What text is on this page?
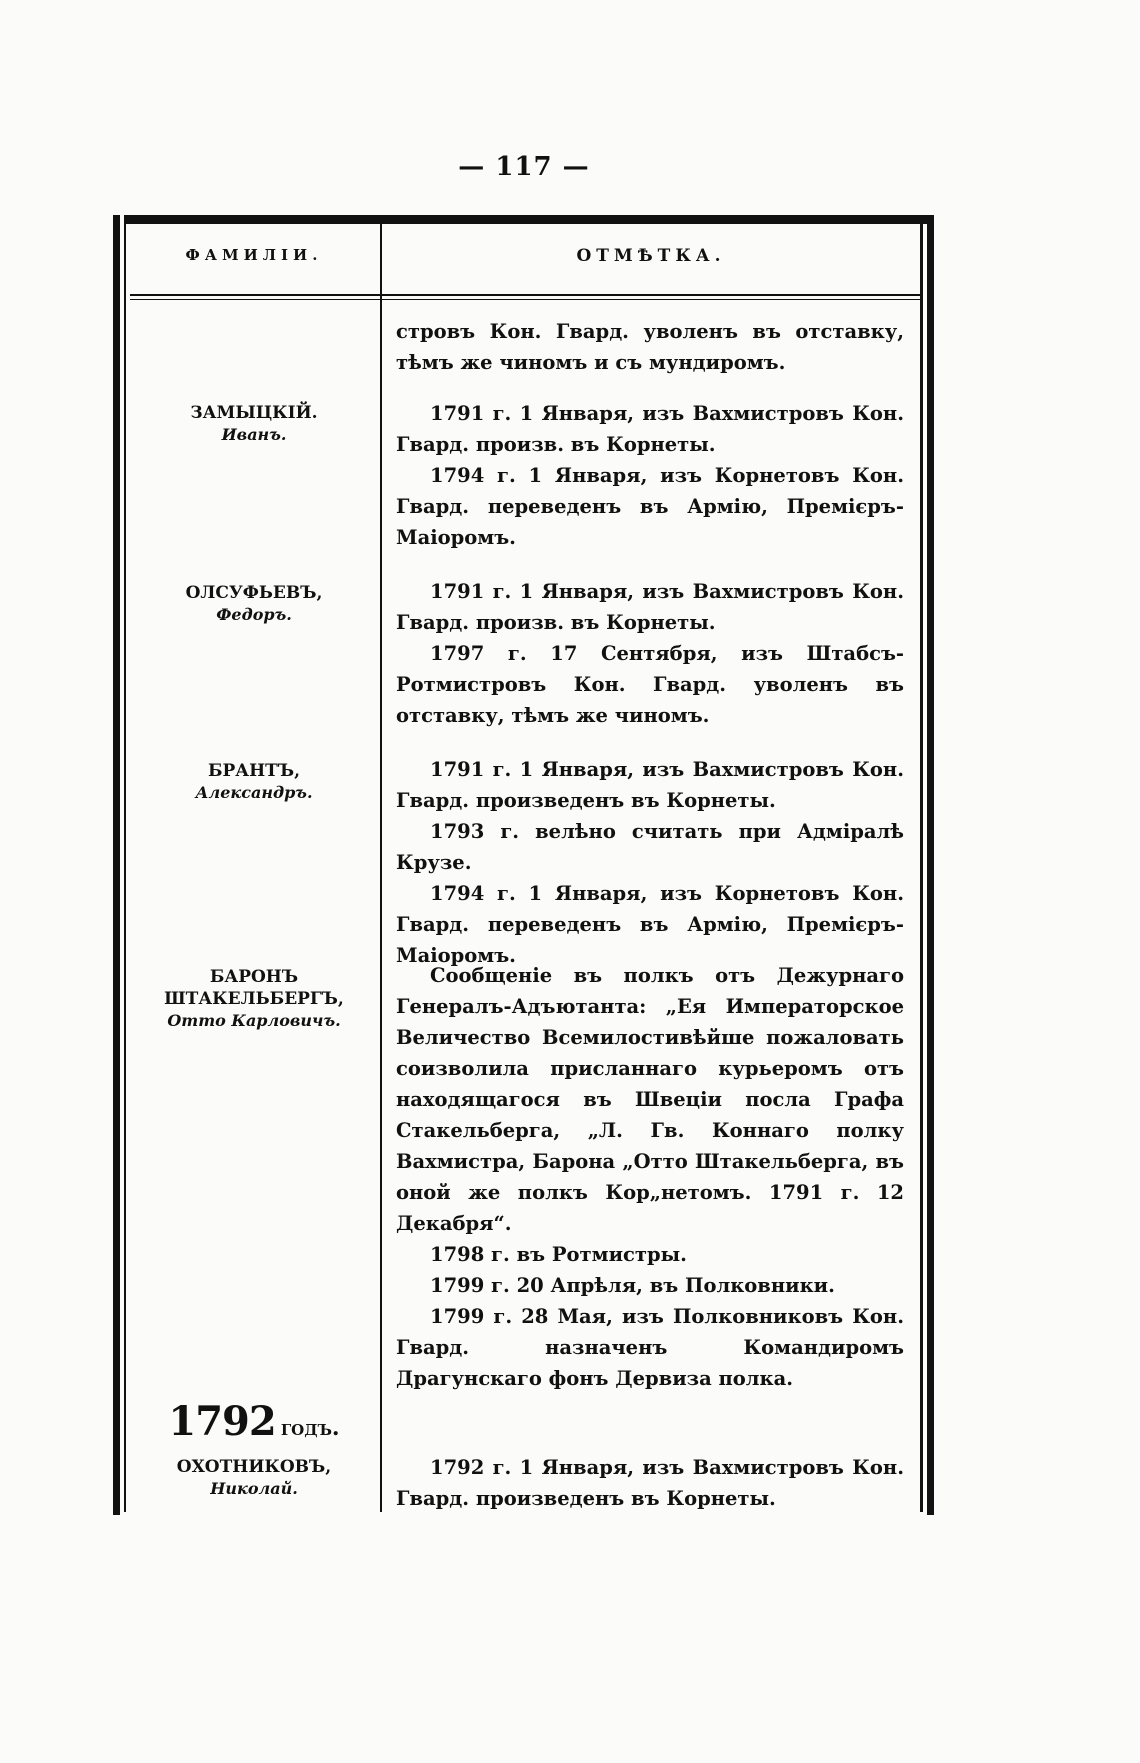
— 117 —
ФАМИЛІИ.	ОТМѢТКА.

стровъ Кон. Гвард. уволенъ въ отставку, тѣмъ же чиномъ и съ мундиромъ.

ЗАМЫЦКІЙ.
Иванъ.

1791 г. 1 Января, изъ Вахмистровъ Кон. Гвард. произв. въ Корнеты.

1794 г. 1 Января, изъ Корнетовъ Кон. Гвард. переведенъ въ Армію, Премієръ-Маіоромъ.

ОЛСУФЬЕВЪ,
Федоръ.

1791 г. 1 Января, изъ Вахмистровъ Кон. Гвард. произв. въ Корнеты.

1797 г. 17 Сентября, изъ Штабсъ-Ротмистровъ Кон. Гвард. уволенъ въ отставку, тѣмъ же чиномъ.

БРАНТЪ,
Александръ.

1791 г. 1 Января, изъ Вахмистровъ Кон. Гвард. произведенъ въ Корнеты.

1793 г. велѣно считать при Адміралѣ Крузе.

1794 г. 1 Января, изъ Корнетовъ Кон. Гвард. переведенъ въ Армію, Премієръ-Маіоромъ.

БАРОНЪ ШТАКЕЛЬБЕРГЪ,
Отто Карловичъ.

Сообщеніе въ полкъ отъ Дежурнаго Генералъ-Адъютанта: „Ея Императорское Величество Всемилостивѣйше пожаловать соизволила присланнаго курьеромъ отъ находящагося въ Швеціи посла Графа Стакельберга, „Л. Гв. Коннаго полку Вахмистра, Барона „Отто Штакельберга, въ оной же полкъ Кор„нетомъ. 1791 г. 12 Декабря“.

1798 г. въ Ротмистры.

1799 г. 20 Апрѣля, въ Полковники.

1799 г. 28 Мая, изъ Полковниковъ Кон. Гвард. назначенъ Командиромъ Драгунскаго фонъ Дервиза полка.

1792 годъ.
ОХОТНИКОВЪ,
Николай.

1792 г. 1 Января, изъ Вахмистровъ Кон. Гвард. произведенъ въ Корнеты.
